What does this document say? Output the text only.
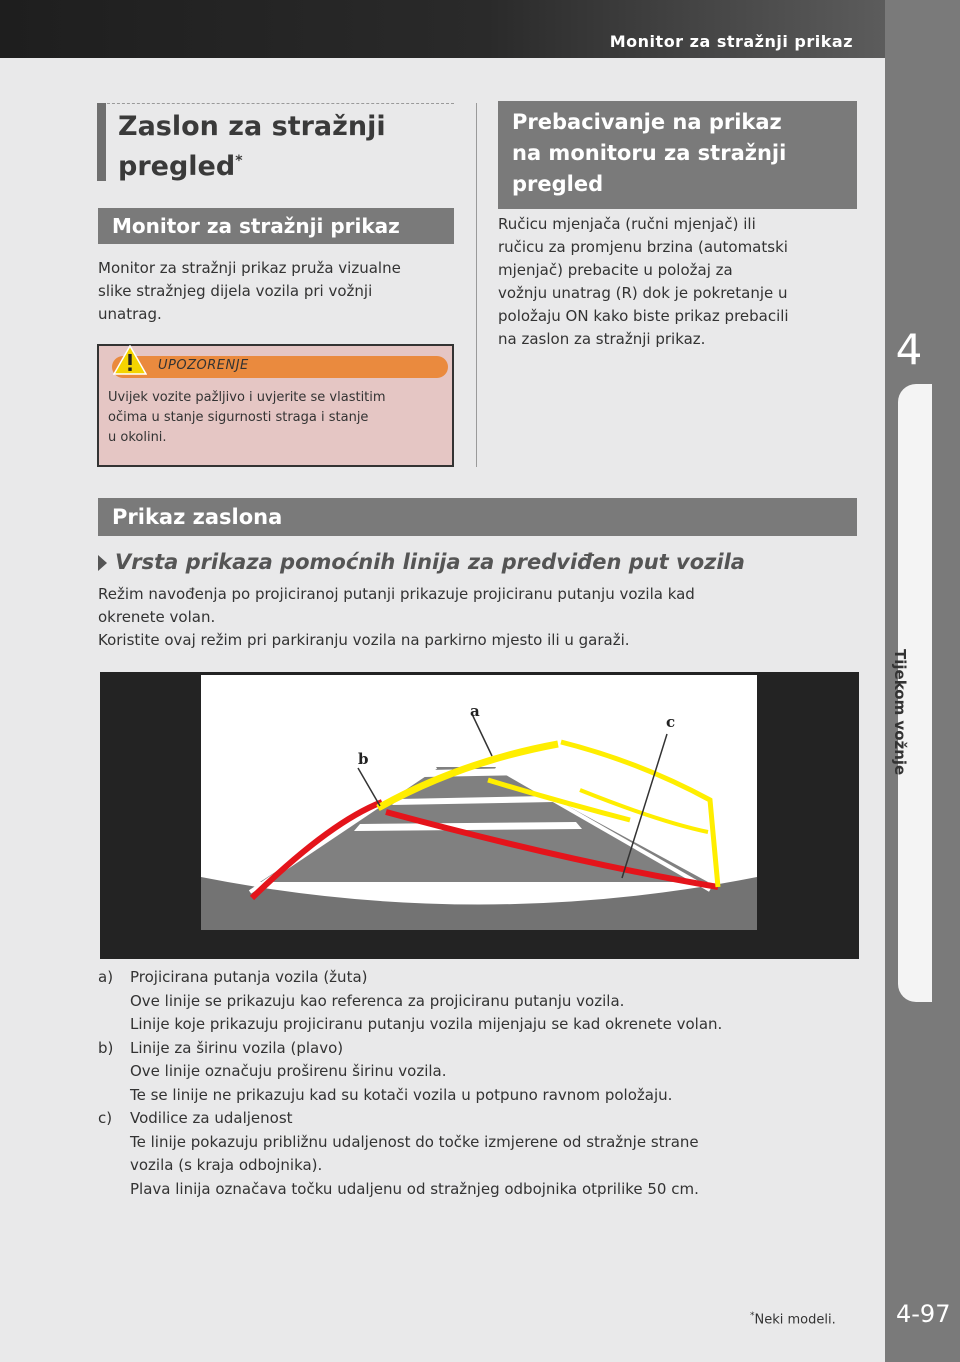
Monitor za stražnji prikaz
4
Tijekom vožnje
Zaslon za stražnji pregled*
Monitor za stražnji prikaz
Monitor za stražnji prikaz pruža vizualne
slike stražnjeg dijela vozila pri vožnji
unatrag.
UPOZORENJE
Uvijek vozite pažljivo i uvjerite se vlastitim
očima u stanje sigurnosti straga i stanje
u okolini.
Prebacivanje na prikaz
na monitoru za stražnji
pregled
Ručicu mjenjača (ručni mjenjač) ili
ručicu za promjenu brzina (automatski
mjenjač) prebacite u položaj za
vožnju unatrag (R) dok je pokretanje u
položaju ON kako biste prikaz prebacili
na zaslon za stražnji prikaz.
Prikaz zaslona
Vrsta prikaza pomoćnih linija za predviđen put vozila
Režim navođenja po projiciranoj putanji prikazuje projiciranu putanju vozila kad
okrenete volan.
Koristite ovaj režim pri parkiranju vozila na parkirno mjesto ili u garaži.
a
b
c
a) Projicirana putanja vozila (žuta)
Ove linije se prikazuju kao referenca za projiciranu putanju vozila.
Linije koje prikazuju projiciranu putanju vozila mijenjaju se kad okrenete volan.
b) Linije za širinu vozila (plavo)
Ove linije označuju proširenu širinu vozila.
Te se linije ne prikazuju kad su kotači vozila u potpuno ravnom položaju.
c) Vodilice za udaljenost
Te linije pokazuju približnu udaljenost do točke izmjerene od stražnje strane
vozila (s kraja odbojnika).
Plava linija označava točku udaljenu od stražnjeg odbojnika otprilike 50 cm.
*Neki modeli.	4-97
